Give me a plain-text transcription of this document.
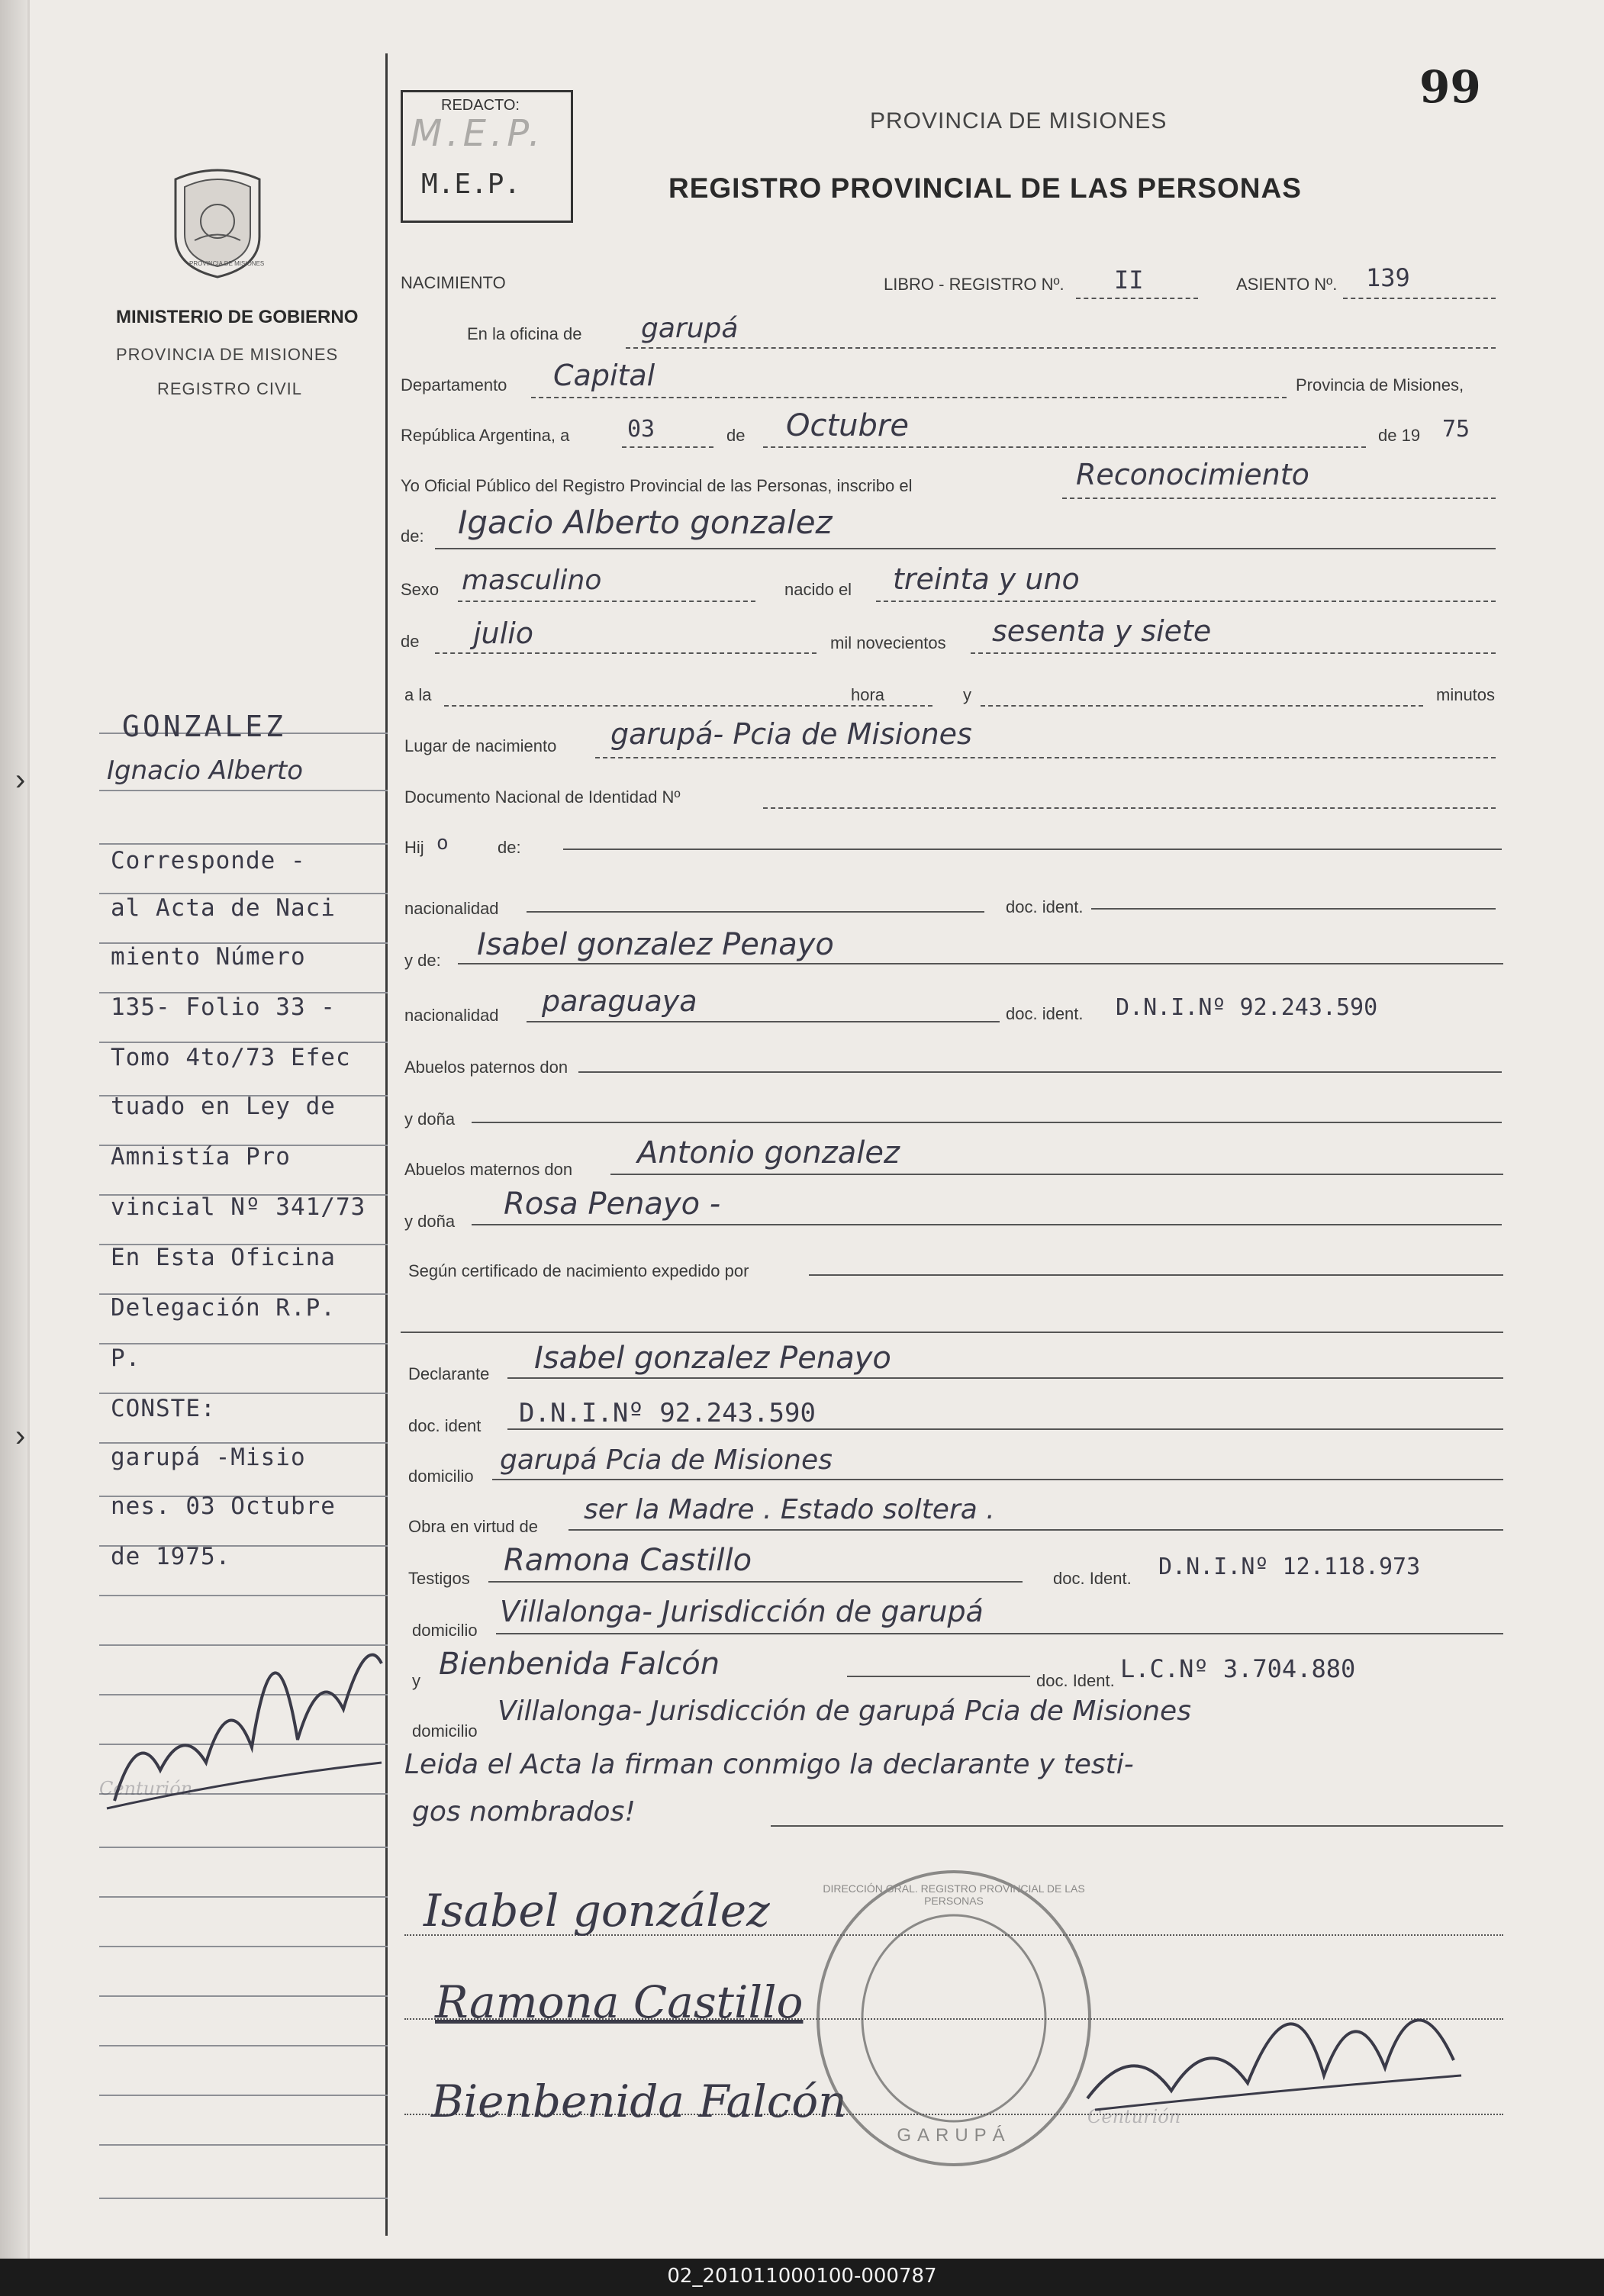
›
›
99
REDACTO:
M.E.P.
M.E.P.
PROVINCIA DE MISIONES
REGISTRO PROVINCIAL DE LAS PERSONAS
PROVINCIA DE MISIONES
MINISTERIO DE GOBIERNO
PROVINCIA DE MISIONES
REGISTRO CIVIL
NACIMIENTO	LIBRO - REGISTRO Nº. II	ASIENTO Nº. 139
En la oficina de garupá
Departamento Capital	Provincia de Misiones,
República Argentina, a	03	de Octubre	de 19 75
Yo Oficial Público del Registro Provincial de las Personas, inscribo el	Reconocimiento
de: Igacio Alberto gonzalez
Sexo masculino	nacido el treinta y uno
de julio	mil novecientos sesenta y siete
a la	hora	y	minutos
Lugar de nacimiento garupá- Pcia de Misiones
Documento Nacional de Identidad Nº
Hij o	de:
nacionalidad	doc. ident.
y de: Isabel gonzalez Penayo
nacionalidad paraguaya	doc. ident. D.N.I.Nº 92.243.590
Abuelos paternos don
y doña
Abuelos maternos don Antonio gonzalez
y doña Rosa Penayo -
Según certificado de nacimiento expedido por
Declarante Isabel gonzalez Penayo
doc. ident D.N.I.Nº 92.243.590
domicilio
garupá Pcia de Misiones
Obra en virtud de
ser la Madre . Estado soltera .
Testigos
Ramona Castillo
doc. Ident. D.N.I.Nº 12.118.973
domicilio
Villalonga- Jurisdicción de garupá
y Bienbenida Falcón	doc. Ident. L.C.Nº 3.704.880
domicilio
Villalonga- Jurisdicción de garupá Pcia de Misiones
Leida el Acta la firman conmigo la declarante y testi-
gos nombrados!
Isabel gonzález
Ramona Castillo
Bienbenida Falcón
DIRECCIÓN GRAL. REGISTRO PROVINCIAL DE LAS PERSONAS
GARUPÁ
Centurión
Centurión
GONZALEZ
Ignacio Alberto
Corresponde -
al Acta de Naci
miento Número
135- Folio 33 -
Tomo 4to/73 Efec
tuado en Ley de
Amnistía Pro
vincial Nº 341/73
En Esta Oficina
Delegación R.P.
P.
CONSTE:
garupá -Misio
nes. 03 Octubre
de 1975.
02_201011000100-000787
